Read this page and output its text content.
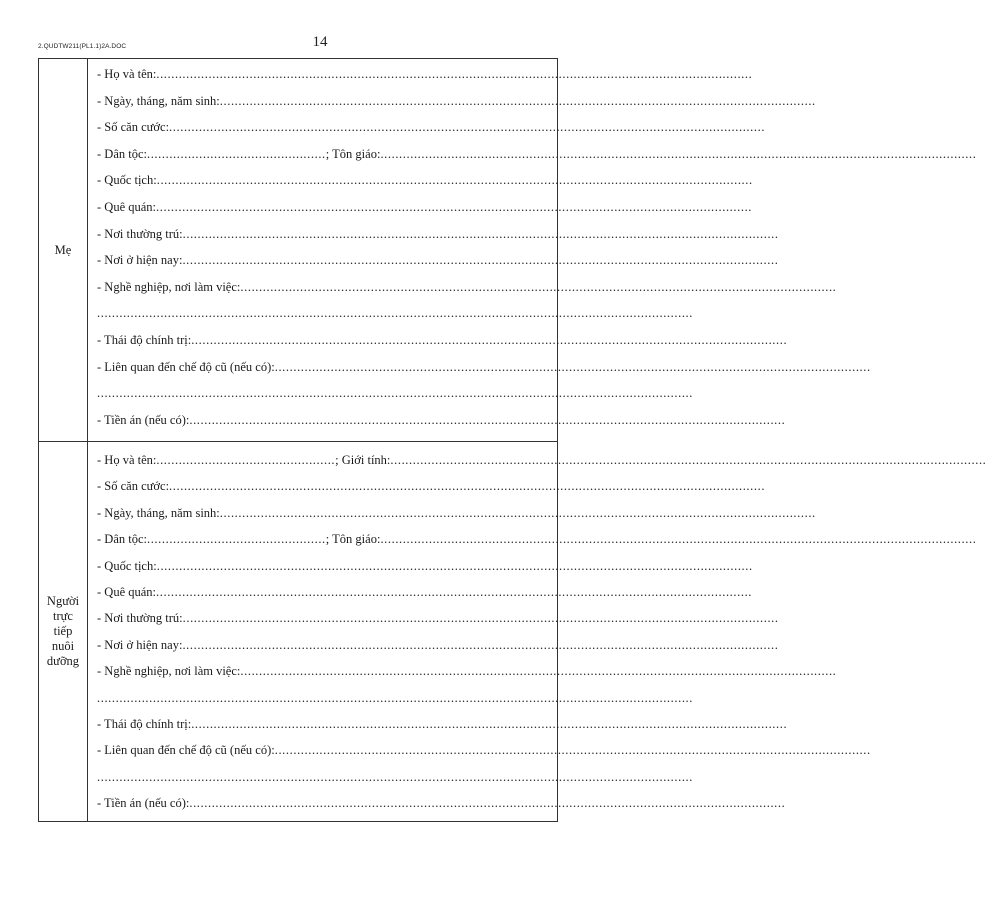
2.QUDTW211(PL1.1)2A.DOC	14
Mẹ
- Họ và tên:................................................................................................................................................................
- Ngày, tháng, năm sinh:................................................................................................................................................................
- Số căn cước:................................................................................................................................................................
- Dân tộc:................................................; Tôn giáo:................................................................................................................................................................
- Quốc tịch:................................................................................................................................................................
- Quê quán:................................................................................................................................................................
- Nơi thường trú:................................................................................................................................................................
- Nơi ở hiện nay:................................................................................................................................................................
- Nghề nghiệp, nơi làm việc:................................................................................................................................................................
................................................................................................................................................................
- Thái độ chính trị:................................................................................................................................................................
- Liên quan đến chế độ cũ (nếu có):................................................................................................................................................................
................................................................................................................................................................
- Tiền án (nếu có):................................................................................................................................................................
Người
trực
tiếp
nuôi
dưỡng
- Họ và tên:................................................; Giới tính:................................................................................................................................................................
- Số căn cước:................................................................................................................................................................
- Ngày, tháng, năm sinh:................................................................................................................................................................
- Dân tộc:................................................; Tôn giáo:................................................................................................................................................................
- Quốc tịch:................................................................................................................................................................
- Quê quán:................................................................................................................................................................
- Nơi thường trú:................................................................................................................................................................
- Nơi ở hiện nay:................................................................................................................................................................
- Nghề nghiệp, nơi làm việc:................................................................................................................................................................
................................................................................................................................................................
- Thái độ chính trị:................................................................................................................................................................
- Liên quan đến chế độ cũ (nếu có):................................................................................................................................................................
................................................................................................................................................................
- Tiền án (nếu có):................................................................................................................................................................
